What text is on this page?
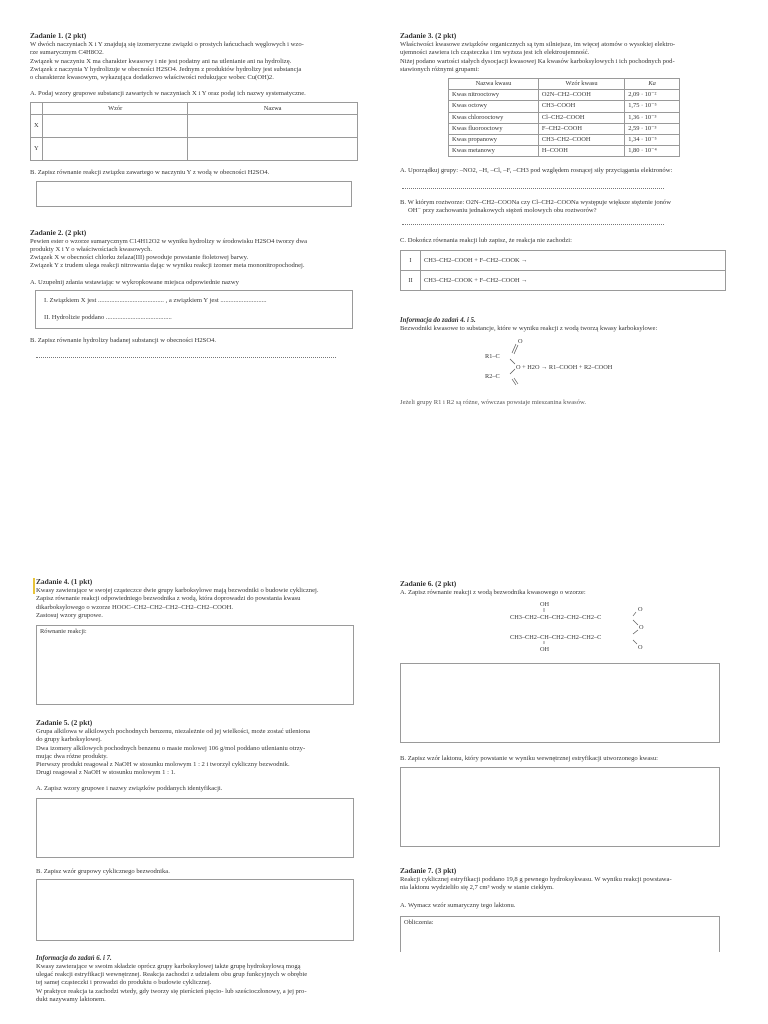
Zadanie 1. (2 pkt)
W dwóch naczyniach X i Y znajdują się izomeryczne związki o prostych łańcuchach węglowych i wzo-
rze sumarycznym C4H8O2.
Związek w naczyniu X ma charakter kwasowy i nie jest podatny ani na utlenianie ani na hydrolizę.
Związek z naczynia Y hydrolizuje w obecności H2SO4. Jednym z produktów hydrolizy jest substancja
o charakterze kwasowym, wykazująca dodatkowo właściwości redukujące wobec Cu(OH)2.
A. Podaj wzory grupowe substancji zawartych w naczyniach X i Y oraz podaj ich nazwy systematyczne.
	Wzór	Nazwa
X		
Y		
B. Zapisz równanie reakcji związku zawartego w naczyniu Y z wodą w obecności H2SO4.
Zadanie 2. (2 pkt)
Pewien ester o wzorze sumarycznym C14H12O2 w wyniku hydrolizy w środowisku H2SO4 tworzy dwa
produkty X i Y o właściwościach kwasowych.
Związek X w obecności chlorku żelaza(III) powoduje powstanie fioletowej barwy.
Związek Y z trudem ulega reakcji nitrowania dając w wyniku reakcji izomer meta mononitropochodnej.
A. Uzupełnij zdania wstawiając w wykropkowane miejsca odpowiednie nazwy
I. Związkiem X jest ........................................ , a związkiem Y jest ............................
II. Hydrolizie poddano ........................................
B. Zapisz równanie hydrolizy badanej substancji w obecności H2SO4.
Zadanie 3. (2 pkt)
Właściwości kwasowe związków organicznych są tym silniejsze, im więcej atomów o wysokiej elektro-
ujemności zawiera ich cząsteczka i im wyższa jest ich elektroujemność.
Niżej podano wartości stałych dysocjacji kwasowej Ka kwasów karboksylowych i ich pochodnych pod-
stawionych różnymi grupami:
Nazwa kwasu	Wzór kwasu	Ka
Kwas nitrooctowy	O2N–CH2–COOH	2,09 · 10⁻²
Kwas octowy	CH3–COOH	1,75 · 10⁻⁵
Kwas chlorooctowy	Cl–CH2–COOH	1,36 · 10⁻³
Kwas fluorooctowy	F–CH2–COOH	2,59 · 10⁻³
Kwas propanowy	CH3–CH2–COOH	1,34 · 10⁻⁵
Kwas metanowy	H–COOH	1,80 · 10⁻⁴
A. Uporządkuj grupy: –NO2, –H, –Cl, –F, –CH3 pod względem rosnącej siły przyciągania elektronów:
B. W którym roztworze: O2N–CH2–COONa czy Cl–CH2–COONa występuje większe stężenie jonów
OH⁻ przy zachowaniu jednakowych stężeń molowych obu roztworów?
C. Dokończ równania reakcji lub zapisz, że reakcja nie zachodzi:
I	CH3–CH2–COOH + F–CH2–COOK →
II	CH3–CH2–COOK + F–CH2–COOH →
Informacja do zadań 4. i 5.
Bezwodniki kwasowe to substancje, które w wyniku reakcji z wodą tworzą kwasy karboksylowe:
O
R1–C
O + H2O → R1–COOH + R2–COOH
R2–C
Jeżeli grupy R1 i R2 są różne, wówczas powstaje mieszanina kwasów.
Zadanie 4. (1 pkt)
Kwasy zawierające w swojej cząsteczce dwie grupy karboksylowe mają bezwodniki o budowie cyklicznej.
Zapisz równanie reakcji odpowiedniego bezwodnika z wodą, która doprowadzi do powstania kwasu
dikarboksylowego o wzorze HOOC–CH2–CH2–CH2–CH2–CH2–COOH.
Zastosuj wzory grupowe.
Równanie reakcji:
Zadanie 5. (2 pkt)
Grupa alkilowa w alkilowych pochodnych benzenu, niezależnie od jej wielkości, może zostać utleniona
do grupy karboksylowej.
Dwa izomery alkilowych pochodnych benzenu o masie molowej 106 g/mol poddano utlenianiu otrzy-
mując dwa różne produkty.
Pierwszy produkt reagował z NaOH w stosunku molowym 1 : 2 i tworzył cykliczny bezwodnik.
Drugi reagował z NaOH w stosunku molowym 1 : 1.
A. Zapisz wzory grupowe i nazwy związków poddanych identyfikacji.
B. Zapisz wzór grupowy cyklicznego bezwodnika.
Informacja do zadań 6. i 7.
Kwasy zawierające w swoim składzie oprócz grupy karboksylowej także grupę hydroksylową mogą
ulegać reakcji estryfikacji wewnętrznej. Reakcja zachodzi z udziałem obu grup funkcyjnych w obrębie
tej samej cząsteczki i prowadzi do produktu o budowie cyklicznej.
W praktyce reakcja ta zachodzi wtedy, gdy tworzy się pierścień pięcio- lub sześcioczłonowy, a jej pro-
dukt nazywamy laktonem.
Zadanie 6. (2 pkt)
A. Zapisz równanie reakcji z wodą bezwodnika kwasowego o wzorze:
OH
CH3–CH2–CH–CH2–CH2–CH2–C
O
O
CH3–CH2–CH–CH2–CH2–CH2–C
O
OH
B. Zapisz wzór laktonu, który powstanie w wyniku wewnętrznej estryfikacji utworzonego kwasu:
Zadanie 7. (3 pkt)
Reakcji cyklicznej estryfikacji poddano 19,8 g pewnego hydroksykwasu. W wyniku reakcji powstawa-
nia laktonu wydzieliło się 2,7 cm³ wody w stanie ciekłym.
A. Wymacz wzór sumaryczny tego laktonu.
Obliczenia:
